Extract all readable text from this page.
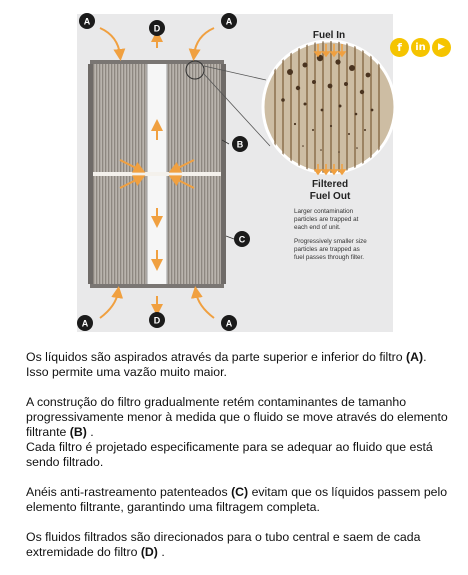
Fuel In
Filtered
Fuel Out
Larger contamination
particles are trapped at
each end of unit.
Progressively smaller size
particles are trapped as
fuel passes through filter.
A	A
D
B
C
A	A
D
f	in	▶

Os líquidos são aspirados através da parte superior e inferior do filtro (A). Isso permite uma vazão muito maior.

A construção do filtro gradualmente retém contaminantes de tamanho progressivamente menor à medida que o fluido se move através do elemento filtrante (B) .

Cada filtro é projetado especificamente para se adequar ao fluido que está sendo filtrado.

Anéis anti-rastreamento patenteados (C) evitam que os líquidos passem pelo elemento filtrante, garantindo uma filtragem completa.

Os fluidos filtrados são direcionados para o tubo central e saem de cada extremidade do filtro (D) .
